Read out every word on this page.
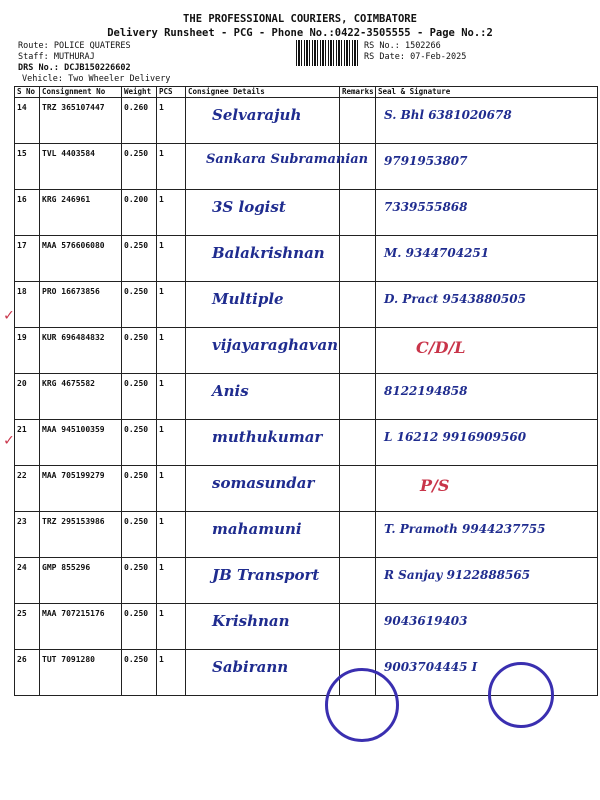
THE PROFESSIONAL COURIERS, COIMBATORE
Delivery Runsheet - PCG - Phone No.:0422-3505555 - Page No.:2
Route: POLICE QUATERES
Staff: MUTHURAJ
DRS No.: DCJB150226602
Vehicle: Two Wheeler Delivery
RS No.: 1502266
RS Date: 07-Feb-2025
S No	Consignment No	Weight	PCS	Consignee Details	Remarks	Seal & Signature
14	TRZ 365107447	0.260	1	Selvarajuh		S. Bhl 6381020678

15	TVL 4403584	0.250	1	Sankara Subramanian		9791953807

16	KRG 246961	0.200	1	3S logist		7339555868

17	MAA 576606080	0.250	1	Balakrishnan		M. 9344704251

18	PRO 16673856	0.250	1	Multiple		D. Pract 9543880505

19	KUR 696484832	0.250	1	vijayaraghavan		C/D/L

20	KRG 4675582	0.250	1	Anis		8122194858

21	MAA 945100359	0.250	1	muthukumar		L 16212 9916909560

22	MAA 705199279	0.250	1	somasundar		P/S

23	TRZ 295153986	0.250	1	mahamuni		T. Pramoth 9944237755

24	GMP 855296	0.250	1	JB Transport		R Sanjay 9122888565

25	MAA 707215176	0.250	1	Krishnan		9043619403

26	TUT 7091280	0.250	1	Sabirann		9003704445 I
✓
✓
